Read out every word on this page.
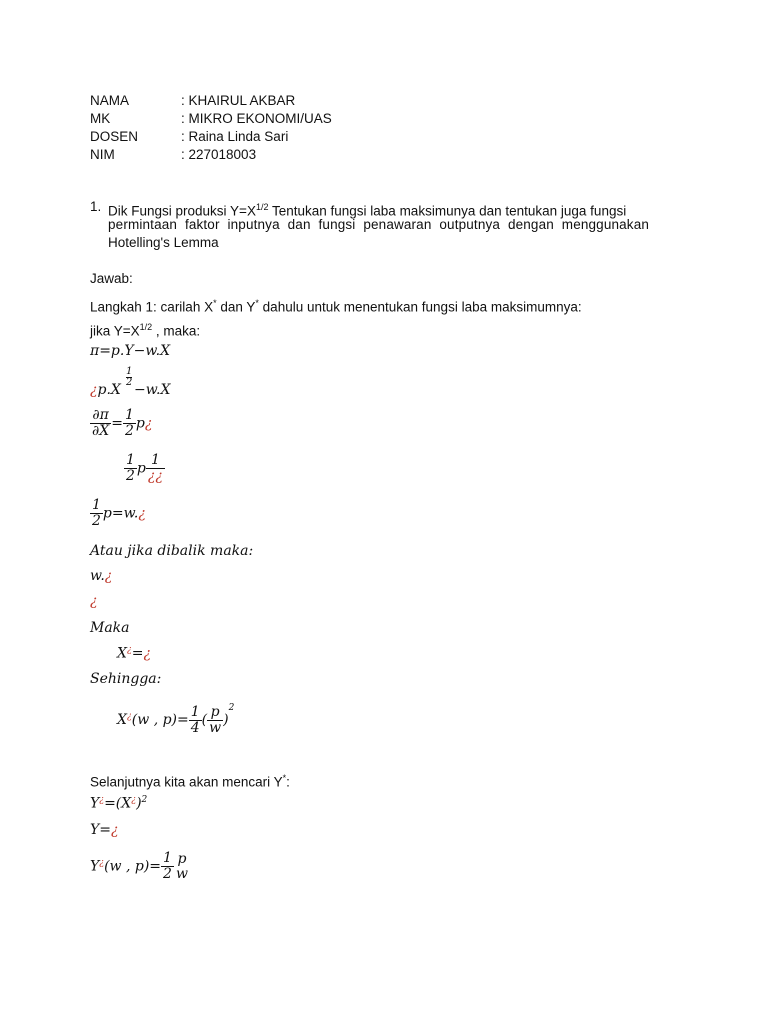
NAMA	: KHAIRUL AKBAR
MK	: MIKRO EKONOMI/UAS
DOSEN	: Raina Linda Sari
NIM	: 227018003
1. Dik Fungsi produksi $Y=X^{1/2}$ Tentukan fungsi laba maksimunya dan tentukan juga fungsi
permintaan faktor inputnya dan fungsi penawaran outputnya dengan menggunakan
Hotelling's Lemma
Jawab:
Langkah 1: carilah X* dan Y* dahulu untuk menentukan fungsi laba maksimumnya:
jika $Y=X^{1/2}$ , maka:
π=p.Y−w.X
¿p.X
$\frac{1}{2}$
−w.X
$\frac{\partial\pi}{\partial X} = \frac{1}{2}$ p¿
$\frac{1}{2}$ p $\frac{1}{¿¿}$
$\frac{1}{2}$ p=w.¿
Atau jika dibalik maka:
w.¿
¿
Maka
X¿=¿
Sehingga:
X¿(w , $p)= \frac{1}{4}$ ( $\frac{p}{w} )^2$
Selanjutnya kita akan mencari Y*:
$Y^¿=(X^¿)^2$
Y=¿
Y¿(w , $p)= \frac{1}{2}$ p
w
